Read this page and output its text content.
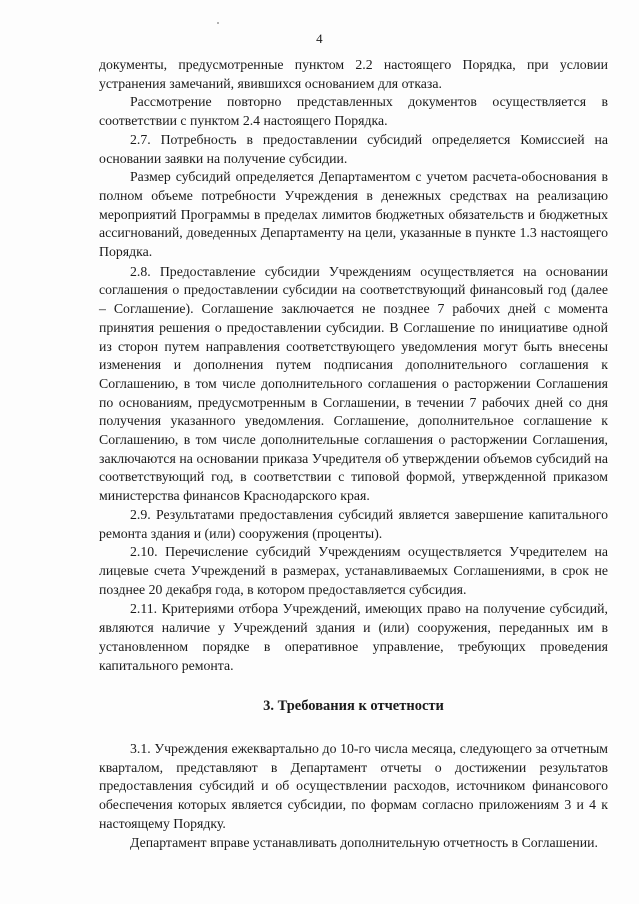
4

документы, предусмотренные пунктом 2.2 настоящего Порядка, при условии устранения замечаний, явившихся основанием для отказа.

Рассмотрение повторно представленных документов осуществляется в соответствии с пунктом 2.4 настоящего Порядка.

2.7. Потребность в предоставлении субсидий определяется Комиссией на основании заявки на получение субсидии.

Размер субсидий определяется Департаментом с учетом расчета-обоснования в полном объеме потребности Учреждения в денежных средствах на реализацию мероприятий Программы в пределах лимитов бюджетных обязательств и бюджетных ассигнований, доведенных Департаменту на цели, указанные в пункте 1.3 настоящего Порядка.

2.8. Предоставление субсидии Учреждениям осуществляется на основании соглашения о предоставлении субсидии на соответствующий финансовый год (далее – Соглашение). Соглашение заключается не позднее 7 рабочих дней с момента принятия решения о предоставлении субсидии. В Соглашение по инициативе одной из сторон путем направления соответствующего уведомления могут быть внесены изменения и дополнения путем подписания дополнительного соглашения к Соглашению, в том числе дополнительного соглашения о расторжении Соглашения по основаниям, предусмотренным в Соглашении, в течении 7 рабочих дней со дня получения указанного уведомления. Соглашение, дополнительное соглашение к Соглашению, в том числе дополнительные соглашения о расторжении Соглашения, заключаются на основании приказа Учредителя об утверждении объемов субсидий на соответствующий год, в соответствии с типовой формой, утвержденной приказом министерства финансов Краснодарского края.

2.9. Результатами предоставления субсидий является завершение капитального ремонта здания и (или) сооружения (проценты).

2.10. Перечисление субсидий Учреждениям осуществляется Учредителем на лицевые счета Учреждений в размерах, устанавливаемых Соглашениями, в срок не позднее 20 декабря года, в котором предоставляется субсидия.

2.11. Критериями отбора Учреждений, имеющих право на получение субсидий, являются наличие у Учреждений здания и (или) сооружения, переданных им в установленном порядке в оперативное управление, требующих проведения капитального ремонта.

3. Требования к отчетности

3.1. Учреждения ежеквартально до 10-го числа месяца, следующего за отчетным кварталом, представляют в Департамент отчеты о достижении результатов предоставления субсидий и об осуществлении расходов, источником финансового обеспечения которых является субсидии, по формам согласно приложениям 3 и 4 к настоящему Порядку.

Департамент вправе устанавливать дополнительную отчетность в Соглашении.
